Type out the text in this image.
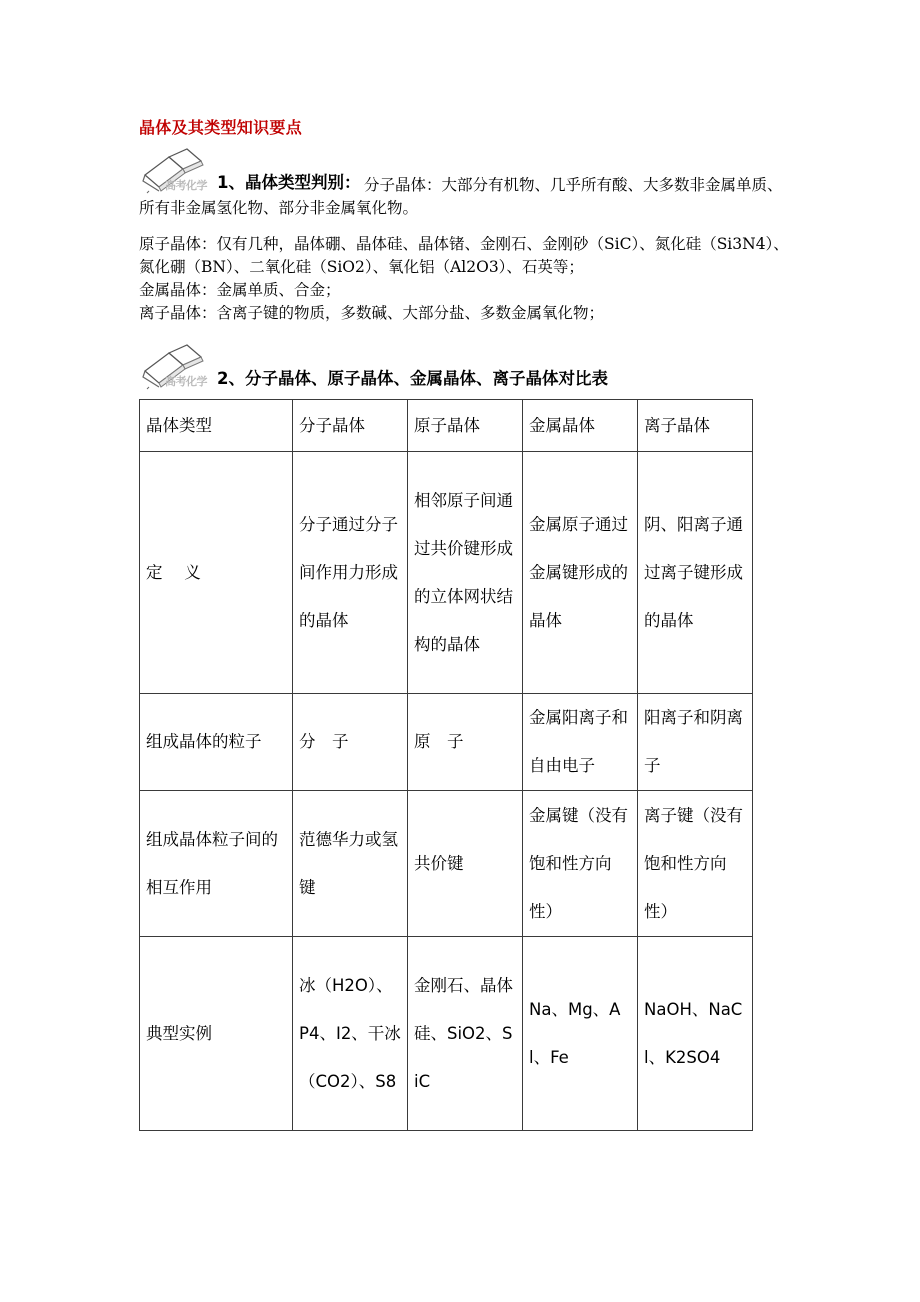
晶体及其类型知识要点
高考化学 1、晶体类型判别： 分子晶体：大部分有机物、几乎所有酸、大多数非金属单质、所有非金属氢化物、部分非金属氧化物。
原子晶体：仅有几种，晶体硼、晶体硅、晶体锗、金刚石、金刚砂（SiC）、氮化硅（Si3N4）、氮化硼（BN）、二氧化硅（SiO2）、氧化铝（Al2O3）、石英等；
金属晶体：金属单质、合金；
离子晶体：含离子键的物质，多数碱、大部分盐、多数金属氧化物；
高考化学 2、分子晶体、原子晶体、金属晶体、离子晶体对比表
晶体类型	分子晶体	原子晶体	金属晶体	离子晶体
定　 义	分子通过分子间作用力形成的晶体	相邻原子间通过共价键形成的立体网状结构的晶体	金属原子通过金属键形成的晶体	阴、阳离子通过离子键形成的晶体
组成晶体的粒子	分　子	原　子	金属阳离子和自由电子	阳离子和阴离子
组成晶体粒子间的相互作用	范德华力或氢键	共价键	金属键（没有饱和性方向性）	离子键（没有饱和性方向性）
典型实例	冰（H2O）、P4、I2、干冰（CO2）、S8	金刚石、晶体硅、SiO2、SiC	Na、Mg、Al、Fe	NaOH、NaCl、K2SO4
